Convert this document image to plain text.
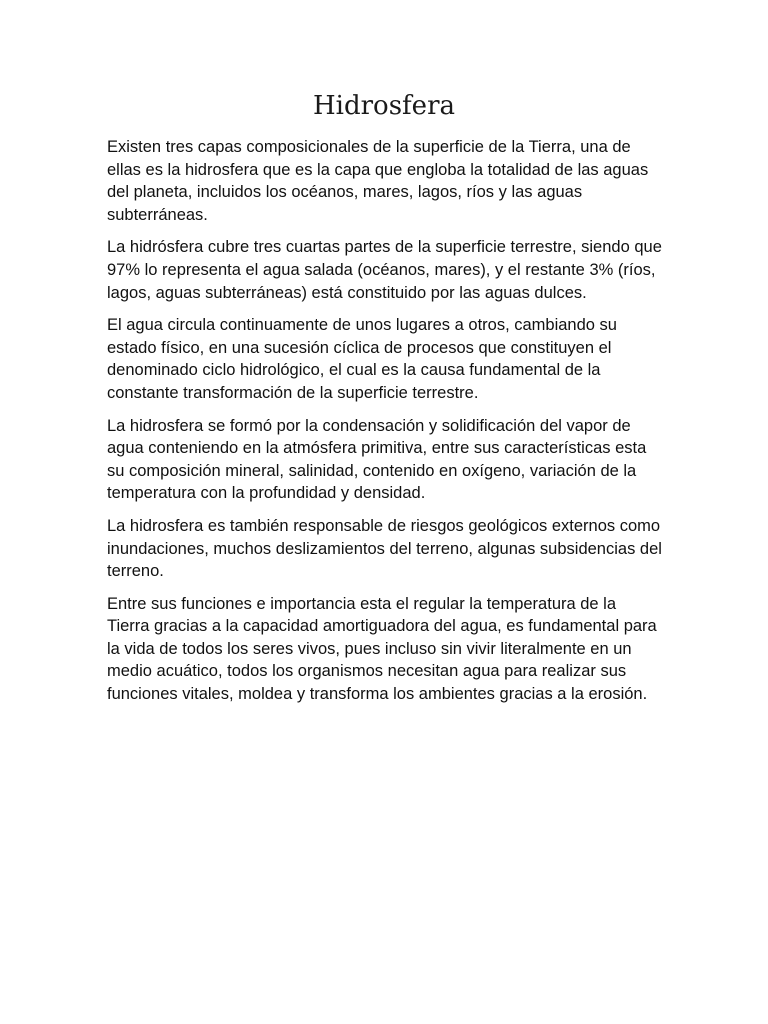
Hidrosfera

Existen tres capas composicionales de la superficie de la Tierra, una de ellas es la hidrosfera que es la capa que engloba la totalidad de las aguas del planeta, incluidos los océanos, mares, lagos, ríos y las aguas subterráneas.

La hidrósfera cubre tres cuartas partes de la superficie terrestre, siendo que 97% lo representa el agua salada (océanos, mares), y el restante 3% (ríos, lagos, aguas subterráneas) está constituido por las aguas dulces.

El agua circula continuamente de unos lugares a otros, cambiando su estado físico, en una sucesión cíclica de procesos que constituyen el denominado ciclo hidrológico, el cual es la causa fundamental de la constante transformación de la superficie terrestre.

La hidrosfera se formó por la condensación y solidificación del vapor de agua conteniendo en la atmósfera primitiva, entre sus características esta su composición mineral, salinidad, contenido en oxígeno, variación de la temperatura con la profundidad y densidad.

La hidrosfera es también responsable de riesgos geológicos externos como inundaciones, muchos deslizamientos del terreno, algunas subsidencias del terreno.

Entre sus funciones e importancia esta el regular la temperatura de la Tierra gracias a la capacidad amortiguadora del agua, es fundamental para la vida de todos los seres vivos, pues incluso sin vivir literalmente en un medio acuático, todos los organismos necesitan agua para realizar sus funciones vitales, moldea y transforma los ambientes gracias a la erosión.
